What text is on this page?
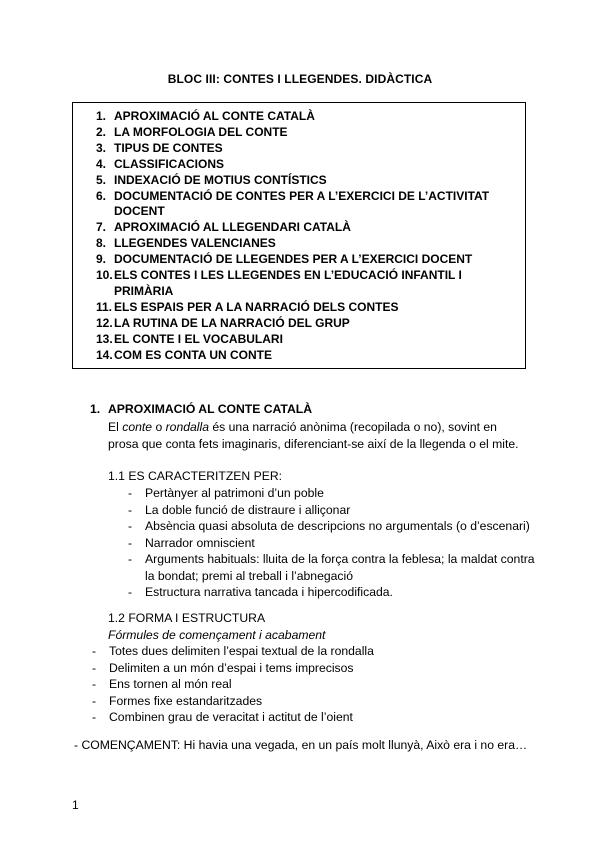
BLOC III: CONTES I LLEGENDES. DIDÀCTICA
1. APROXIMACIÓ AL CONTE CATALÀ
2. LA MORFOLOGIA DEL CONTE
3. TIPUS DE CONTES
4. CLASSIFICACIONS
5. INDEXACIÓ DE MOTIUS CONTÍSTICS
6. DOCUMENTACIÓ DE CONTES PER A L’EXERCICI DE L’ACTIVITAT DOCENT
7. APROXIMACIÓ AL LLEGENDARI CATALÀ
8. LLEGENDES VALENCIANES
9. DOCUMENTACIÓ DE LLEGENDES PER A L’EXERCICI DOCENT
10. ELS CONTES I LES LLEGENDES EN L’EDUCACIÓ INFANTIL I PRIMÀRIA
11. ELS ESPAIS PER A LA NARRACIÓ DELS CONTES
12. LA RUTINA DE LA NARRACIÓ DEL GRUP
13. EL CONTE I EL VOCABULARI
14. COM ES CONTA UN CONTE
1. APROXIMACIÓ AL CONTE CATALÀ
El conte o rondalla és una narració anònima (recopilada o no), sovint en prosa que conta fets imaginaris, diferenciant-se així de la llegenda o el mite.
1.1 ES CARACTERITZEN PER:
- Pertànyer al patrimoni d’un poble
- La doble funció de distraure i alliçonar
- Absència quasi absoluta de descripcions no argumentals (o d’escenari)
- Narrador omniscient
- Arguments habituals: lluita de la força contra la feblesa; la maldat contra la bondat; premi al treball i l’abnegació
- Estructura narrativa tancada i hipercodificada.
1.2 FORMA I ESTRUCTURA
Fórmules de començament i acabament
- Totes dues delimiten l’espai textual de la rondalla
- Delimiten a un món d’espai i tems imprecisos
- Ens tornen al món real
- Formes fixe estandaritzades
- Combinen grau de veracitat i actitut de l’oient
- COMENÇAMENT: Hi havia una vegada, en un país molt llunyà, Això era i no era…
1
